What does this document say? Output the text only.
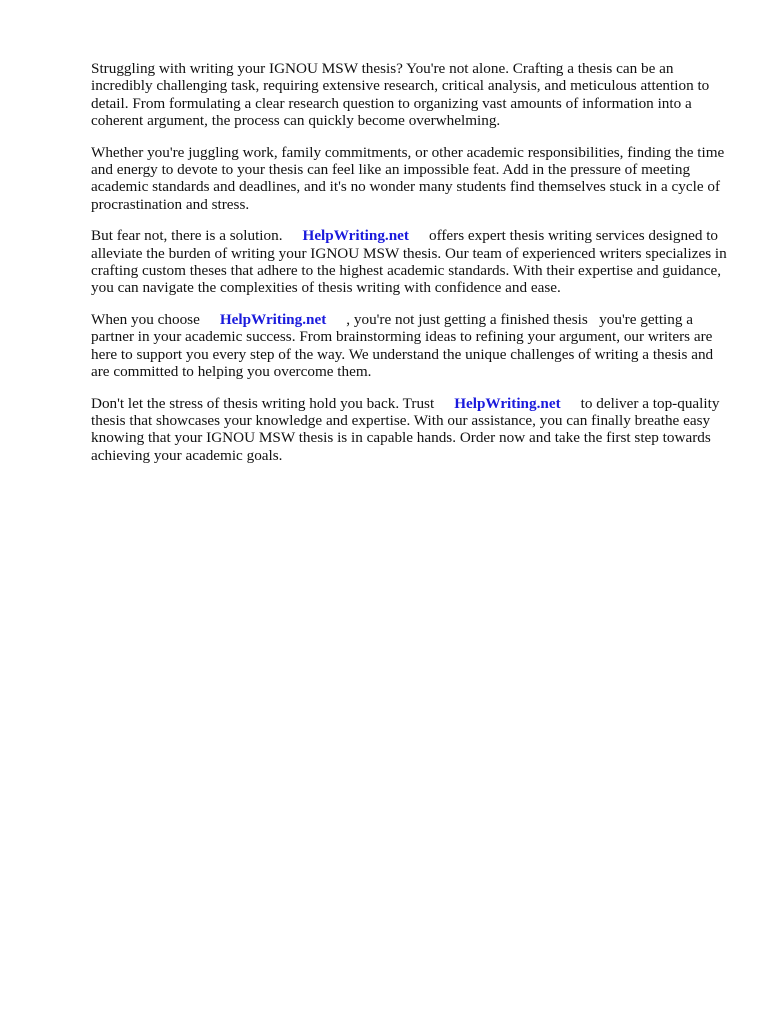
Struggling with writing your IGNOU MSW thesis? You're not alone. Crafting a thesis can be an incredibly challenging task, requiring extensive research, critical analysis, and meticulous attention to detail. From formulating a clear research question to organizing vast amounts of information into a coherent argument, the process can quickly become overwhelming.

Whether you're juggling work, family commitments, or other academic responsibilities, finding the time and energy to devote to your thesis can feel like an impossible feat. Add in the pressure of meeting academic standards and deadlines, and it's no wonder many students find themselves stuck in a cycle of procrastination and stress.

But fear not, there is a solution. HelpWriting.net offers expert thesis writing services designed to alleviate the burden of writing your IGNOU MSW thesis. Our team of experienced writers specializes in crafting custom theses that adhere to the highest academic standards. With their expertise and guidance, you can navigate the complexities of thesis writing with confidence and ease.

When you choose HelpWriting.net , you're not just getting a finished thesis   you're getting a partner in your academic success. From brainstorming ideas to refining your argument, our writers are here to support you every step of the way. We understand the unique challenges of writing a thesis and are committed to helping you overcome them.

Don't let the stress of thesis writing hold you back. Trust HelpWriting.net to deliver a top-quality thesis that showcases your knowledge and expertise. With our assistance, you can finally breathe easy knowing that your IGNOU MSW thesis is in capable hands. Order now and take the first step towards achieving your academic goals.
